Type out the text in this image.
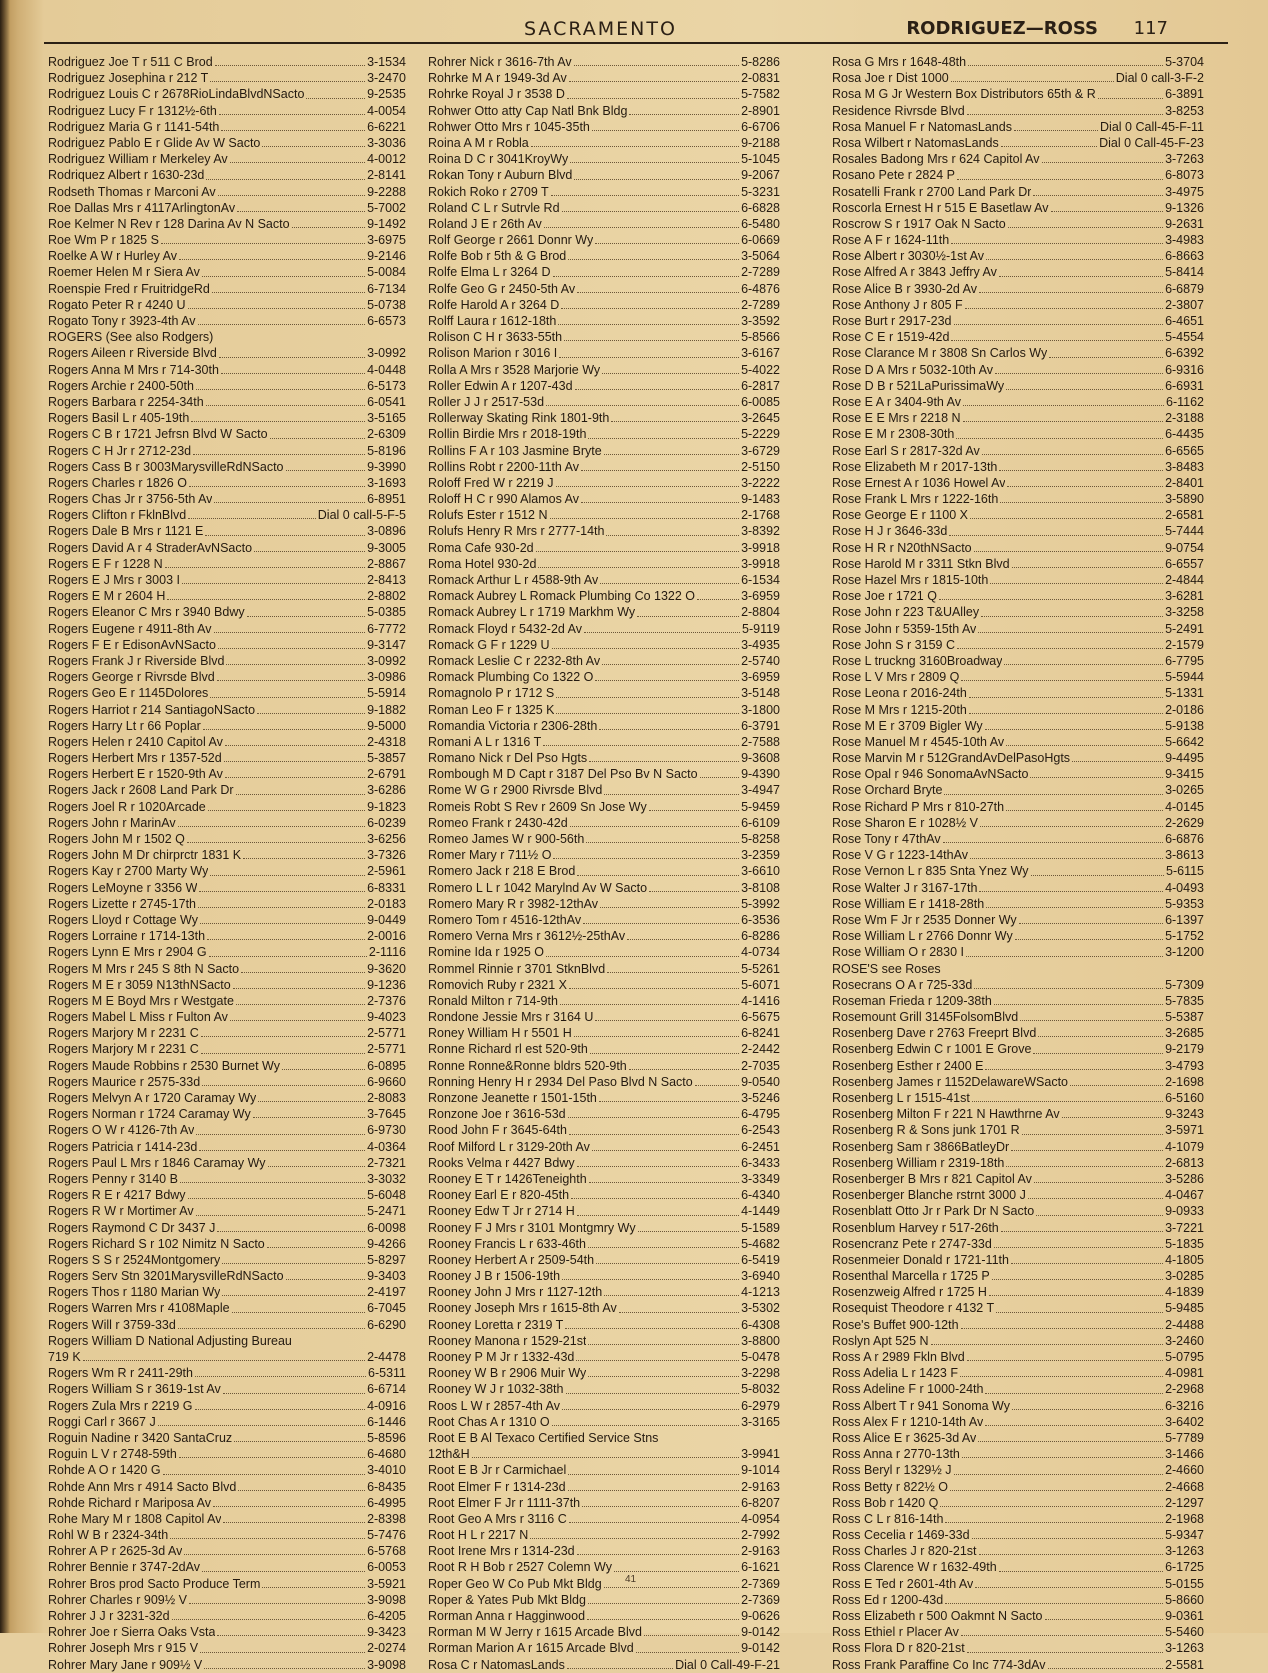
SACRAMENTO	RODRIGUEZ—ROSS 117
Rodriguez Joe T r 511 C Brod	3-1534
Rodriguez Josephina r 212 T	3-2470
Rodriguez Louis C r 2678RioLindaBlvdNSacto	9-2535
Rodriguez Lucy F r 1312½-6th	4-0054
Rodriguez Maria G r 1141-54th	6-6221
Rodriguez Pablo E r Glide Av W Sacto	3-3036
Rodriguez William r Merkeley Av	4-0012
Rodriquez Albert r 1630-23d	2-8141
Rodseth Thomas r Marconi Av	9-2288
Roe Dallas Mrs r 4117ArlingtonAv	5-7002
Roe Kelmer N Rev r 128 Darina Av N Sacto	9-1492
Roe Wm P r 1825 S	3-6975
Roelke A W r Hurley Av	9-2146
Roemer Helen M r Siera Av	5-0084
Roenspie Fred r FruitridgeRd	6-7134
Rogato Peter R r 4240 U	5-0738
Rogato Tony r 3923-4th Av	6-6573
ROGERS (See also Rodgers)
Rogers Aileen r Riverside Blvd	3-0992
Rogers Anna M Mrs r 714-30th	4-0448
Rogers Archie r 2400-50th	6-5173
Rogers Barbara r 2254-34th	6-0541
Rogers Basil L r 405-19th	3-5165
Rogers C B r 1721 Jefrsn Blvd W Sacto	2-6309
Rogers C H Jr r 2712-23d	5-8196
Rogers Cass B r 3003MarysvilleRdNSacto	9-3990
Rogers Charles r 1826 O	3-1693
Rogers Chas Jr r 3756-5th Av	6-8951
Rogers Clifton r FklnBlvd	Dial 0 call-5-F-5
Rogers Dale B Mrs r 1121 E	3-0896
Rogers David A r 4 StraderAvNSacto	9-3005
Rogers E F r 1228 N	2-8867
Rogers E J Mrs r 3003 I	2-8413
Rogers E M r 2604 H	2-8802
Rogers Eleanor C Mrs r 3940 Bdwy	5-0385
Rogers Eugene r 4911-8th Av	6-7772
Rogers F E r EdisonAvNSacto	9-3147
Rogers Frank J r Riverside Blvd	3-0992
Rogers George r Rivrsde Blvd	3-0986
Rogers Geo E r 1145Dolores	5-5914
Rogers Harriot r 214 SantiagoNSacto	9-1882
Rogers Harry Lt r 66 Poplar	9-5000
Rogers Helen r 2410 Capitol Av	2-4318
Rogers Herbert Mrs r 1357-52d	5-3857
Rogers Herbert E r 1520-9th Av	2-6791
Rogers Jack r 2608 Land Park Dr	3-6286
Rogers Joel R r 1020Arcade	9-1823
Rogers John r MarinAv	6-0239
Rogers John M r 1502 Q	3-6256
Rogers John M Dr chirprctr 1831 K	3-7326
Rogers Kay r 2700 Marty Wy	2-5961
Rogers LeMoyne r 3356 W	6-8331
Rogers Lizette r 2745-17th	2-0183
Rogers Lloyd r Cottage Wy	9-0449
Rogers Lorraine r 1714-13th	2-0016
Rogers Lynn E Mrs r 2904 G	2-1116
Rogers M Mrs r 245 S 8th N Sacto	9-3620
Rogers M E r 3059 N13thNSacto	9-1236
Rogers M E Boyd Mrs r Westgate	2-7376
Rogers Mabel L Miss r Fulton Av	9-4023
Rogers Marjory M r 2231 C	2-5771
Rogers Marjory M r 2231 C	2-5771
Rogers Maude Robbins r 2530 Burnet Wy	6-0895
Rogers Maurice r 2575-33d	6-9660
Rogers Melvyn A r 1720 Caramay Wy	2-8083
Rogers Norman r 1724 Caramay Wy	3-7645
Rogers O W r 4126-7th Av	6-9730
Rogers Patricia r 1414-23d	4-0364
Rogers Paul L Mrs r 1846 Caramay Wy	2-7321
Rogers Penny r 3140 B	3-3032
Rogers R E r 4217 Bdwy	5-6048
Rogers R W r Mortimer Av	5-2471
Rogers Raymond C Dr 3437 J	6-0098
Rogers Richard S r 102 Nimitz N Sacto	9-4266
Rogers S S r 2524Montgomery	5-8297
Rogers Serv Stn 3201MarysvilleRdNSacto	9-3403
Rogers Thos r 1180 Marian Wy	2-4197
Rogers Warren Mrs r 4108Maple	6-7045
Rogers Will r 3759-33d	6-6290
Rogers William D National Adjusting Bureau
719 K	2-4478
Rogers Wm R r 2411-29th	6-5311
Rogers William S r 3619-1st Av	6-6714
Rogers Zula Mrs r 2219 G	4-0916
Roggi Carl r 3667 J	6-1446
Roguin Nadine r 3420 SantaCruz	5-8596
Roguin L V r 2748-59th	6-4680
Rohde A O r 1420 G	3-4010
Rohde Ann Mrs r 4914 Sacto Blvd	6-8435
Rohde Richard r Mariposa Av	6-4995
Rohe Mary M r 1808 Capitol Av	2-8398
Rohl W B r 2324-34th	5-7476
Rohrer A P r 2625-3d Av	6-5768
Rohrer Bennie r 3747-2dAv	6-0053
Rohrer Bros prod Sacto Produce Term	3-5921
Rohrer Charles r 909½ V	3-9098
Rohrer J J r 3231-32d	6-4205
Rohrer Joe r Sierra Oaks Vsta	9-3423
Rohrer Joseph Mrs r 915 V	2-0274
Rohrer Mary Jane r 909½ V	3-9098
Rohrer Nick r 3616-7th Av	5-8286
Rohrke M A r 1949-3d Av	2-0831
Rohrke Royal J r 3538 D	5-7582
Rohwer Otto atty Cap Natl Bnk Bldg	2-8901
Rohwer Otto Mrs r 1045-35th	6-6706
Roina A M r Robla	9-2188
Roina D C r 3041KroyWy	5-1045
Rokan Tony r Auburn Blvd	9-2067
Rokich Roko r 2709 T	5-3231
Roland C L r Sutrvle Rd	6-6828
Roland J E r 26th Av	6-5480
Rolf George r 2661 Donnr Wy	6-0669
Rolfe Bob r 5th & G Brod	3-5064
Rolfe Elma L r 3264 D	2-7289
Rolfe Geo G r 2450-5th Av	6-4876
Rolfe Harold A r 3264 D	2-7289
Rolff Laura r 1612-18th	3-3592
Rolison C H r 3633-55th	5-8566
Rolison Marion r 3016 I	3-6167
Rolla A Mrs r 3528 Marjorie Wy	5-4022
Roller Edwin A r 1207-43d	6-2817
Roller J J r 2517-53d	6-0085
Rollerway Skating Rink 1801-9th	3-2645
Rollin Birdie Mrs r 2018-19th	5-2229
Rollins F A r 103 Jasmine Bryte	3-6729
Rollins Robt r 2200-11th Av	2-5150
Roloff Fred W r 2219 J	3-2222
Roloff H C r 990 Alamos Av	9-1483
Rolufs Ester r 1512 N	2-1768
Rolufs Henry R Mrs r 2777-14th	3-8392
Roma Cafe 930-2d	3-9918
Roma Hotel 930-2d	3-9918
Romack Arthur L r 4588-9th Av	6-1534
Romack Aubrey L Romack Plumbing Co 1322 O	3-6959
Romack Aubrey L r 1719 Markhm Wy	2-8804
Romack Floyd r 5432-2d Av	5-9119
Romack G F r 1229 U	3-4935
Romack Leslie C r 2232-8th Av	2-5740
Romack Plumbing Co 1322 O	3-6959
Romagnolo P r 1712 S	3-5148
Roman Leo F r 1325 K	3-1800
Romandia Victoria r 2306-28th	6-3791
Romani A L r 1316 T	2-7588
Romano Nick r Del Pso Hgts	9-3608
Rombough M D Capt r 3187 Del Pso Bv N Sacto	9-4390
Rome W G r 2900 Rivrsde Blvd	3-4947
Romeis Robt S Rev r 2609 Sn Jose Wy	5-9459
Romeo Frank r 2430-42d	6-6109
Romeo James W r 900-56th	5-8258
Romer Mary r 711½ O	3-2359
Romero Jack r 218 E Brod	3-6610
Romero L L r 1042 Marylnd Av W Sacto	3-8108
Romero Mary R r 3982-12thAv	5-3992
Romero Tom r 4516-12thAv	6-3536
Romero Verna Mrs r 3612½-25thAv	6-8286
Romine Ida r 1925 O	4-0734
Rommel Rinnie r 3701 StknBlvd	5-5261
Romovich Ruby r 2321 X	5-6071
Ronald Milton r 714-9th	4-1416
Rondone Jessie Mrs r 3164 U	6-5675
Roney William H r 5501 H	6-8241
Ronne Richard rl est 520-9th	2-2442
Ronne Ronne&Ronne bldrs 520-9th	2-7035
Ronning Henry H r 2934 Del Paso Blvd N Sacto	9-0540
Ronzone Jeanette r 1501-15th	3-5246
Ronzone Joe r 3616-53d	6-4795
Rood John F r 3645-64th	6-2543
Roof Milford L r 3129-20th Av	6-2451
Rooks Velma r 4427 Bdwy	6-3433
Rooney E T r 1426Teneighth	3-3349
Rooney Earl E r 820-45th	6-4340
Rooney Edw T Jr r 2714 H	4-1449
Rooney F J Mrs r 3101 Montgmry Wy	5-1589
Rooney Francis L r 633-46th	5-4682
Rooney Herbert A r 2509-54th	6-5419
Rooney J B r 1506-19th	3-6940
Rooney John J Mrs r 1127-12th	4-1213
Rooney Joseph Mrs r 1615-8th Av	3-5302
Rooney Loretta r 2319 T	6-4308
Rooney Manona r 1529-21st	3-8800
Rooney P M Jr r 1332-43d	5-0478
Rooney W B r 2906 Muir Wy	3-2298
Rooney W J r 1032-38th	5-8032
Roos L W r 2857-4th Av	6-2979
Root Chas A r 1310 O	3-3165
Root E B Al Texaco Certified Service Stns
12th&H	3-9941
Root E B Jr r Carmichael	9-1014
Root Elmer F r 1314-23d	2-9163
Root Elmer F Jr r 1111-37th	6-8207
Root Geo A Mrs r 3116 C	4-0954
Root H L r 2217 N	2-7992
Root Irene Mrs r 1314-23d	2-9163
Root R H Bob r 2527 Colemn Wy	6-1621
Roper Geo W Co Pub Mkt Bldg	2-7369
Roper & Yates Pub Mkt Bldg	2-7369
Rorman Anna r Hagginwood	9-0626
Rorman M W Jerry r 1615 Arcade Blvd	9-0142
Rorman Marion A r 1615 Arcade Blvd	9-0142
Rosa C r NatomasLands	Dial 0 Call-49-F-21
Rosa G Mrs r 1648-48th	5-3704
Rosa Joe r Dist 1000	Dial 0 call-3-F-2
Rosa M G Jr Western Box Distributors 65th & R	6-3891
Residence Rivrsde Blvd	3-8253
Rosa Manuel F r NatomasLands	Dial 0 Call-45-F-11
Rosa Wilbert r NatomasLands	Dial 0 Call-45-F-23
Rosales Badong Mrs r 624 Capitol Av	3-7263
Rosano Pete r 2824 P	6-8073
Rosatelli Frank r 2700 Land Park Dr	3-4975
Roscorla Ernest H r 515 E Basetlaw Av	9-1326
Roscrow S r 1917 Oak N Sacto	9-2631
Rose A F r 1624-11th	3-4983
Rose Albert r 3030½-1st Av	6-8663
Rose Alfred A r 3843 Jeffry Av	5-8414
Rose Alice B r 3930-2d Av	6-6879
Rose Anthony J r 805 F	2-3807
Rose Burt r 2917-23d	6-4651
Rose C E r 1519-42d	5-4554
Rose Clarance M r 3808 Sn Carlos Wy	6-6392
Rose D A Mrs r 5032-10th Av	6-9316
Rose D B r 521LaPurissimaWy	6-6931
Rose E A r 3404-9th Av	6-1162
Rose E E Mrs r 2218 N	2-3188
Rose E M r 2308-30th	6-4435
Rose Earl S r 2817-32d Av	6-6565
Rose Elizabeth M r 2017-13th	3-8483
Rose Ernest A r 1036 Howel Av	2-8401
Rose Frank L Mrs r 1222-16th	3-5890
Rose George E r 1100 X	2-6581
Rose H J r 3646-33d	5-7444
Rose H R r N20thNSacto	9-0754
Rose Harold M r 3311 Stkn Blvd	6-6557
Rose Hazel Mrs r 1815-10th	2-4844
Rose Joe r 1721 Q	3-6281
Rose John r 223 T&UAlley	3-3258
Rose John r 5359-15th Av	5-2491
Rose John S r 3159 C	2-1579
Rose L truckng 3160Broadway	6-7795
Rose L V Mrs r 2809 Q	5-5944
Rose Leona r 2016-24th	5-1331
Rose M Mrs r 1215-20th	2-0186
Rose M E r 3709 Bigler Wy	5-9138
Rose Manuel M r 4545-10th Av	5-6642
Rose Marvin M r 512GrandAvDelPasoHgts	9-4495
Rose Opal r 946 SonomaAvNSacto	9-3415
Rose Orchard Bryte	3-0265
Rose Richard P Mrs r 810-27th	4-0145
Rose Sharon E r 1028½ V	2-2629
Rose Tony r 47thAv	6-6876
Rose V G r 1223-14thAv	3-8613
Rose Vernon L r 835 Snta Ynez Wy	5-6115
Rose Walter J r 3167-17th	4-0493
Rose William E r 1418-28th	5-9353
Rose Wm F Jr r 2535 Donner Wy	6-1397
Rose William L r 2766 Donnr Wy	5-1752
Rose William O r 2830 I	3-1200
ROSE'S see Roses
Rosecrans O A r 725-33d	5-7309
Roseman Frieda r 1209-38th	5-7835
Rosemount Grill 3145FolsomBlvd	5-5387
Rosenberg Dave r 2763 Freeprt Blvd	3-2685
Rosenberg Edwin C r 1001 E Grove	9-2179
Rosenberg Esther r 2400 E	3-4793
Rosenberg James r 1152DelawareWSacto	2-1698
Rosenberg L r 1515-41st	6-5160
Rosenberg Milton F r 221 N Hawthrne Av	9-3243
Rosenberg R & Sons junk 1701 R	3-5971
Rosenberg Sam r 3866BatleyDr	4-1079
Rosenberg William r 2319-18th	2-6813
Rosenberger B Mrs r 821 Capitol Av	3-5286
Rosenberger Blanche rstrnt 3000 J	4-0467
Rosenblatt Otto Jr r Park Dr N Sacto	9-0933
Rosenblum Harvey r 517-26th	3-7221
Rosencranz Pete r 2747-33d	5-1835
Rosenmeier Donald r 1721-11th	4-1805
Rosenthal Marcella r 1725 P	3-0285
Rosenzweig Alfred r 1725 H	4-1839
Rosequist Theodore r 4132 T	5-9485
Rose's Buffet 900-12th	2-4488
Roslyn Apt 525 N	3-2460
Ross A r 2989 Fkln Blvd	5-0795
Ross Adelia L r 1423 F	4-0981
Ross Adeline F r 1000-24th	2-2968
Ross Albert T r 941 Sonoma Wy	6-3216
Ross Alex F r 1210-14th Av	3-6402
Ross Alice E r 3625-3d Av	5-7789
Ross Anna r 2770-13th	3-1466
Ross Beryl r 1329½ J	2-4660
Ross Betty r 822½ O	2-4668
Ross Bob r 1420 Q	2-1297
Ross C L r 816-14th	2-1968
Ross Cecelia r 1469-33d	5-9347
Ross Charles J r 820-21st	3-1263
Ross Clarence W r 1632-49th	6-1725
Ross E Ted r 2601-4th Av	5-0155
Ross Ed r 1200-43d	5-8660
Ross Elizabeth r 500 Oakmnt N Sacto	9-0361
Ross Ethiel r Placer Av	5-5460
Ross Flora D r 820-21st	3-1263
Ross Frank Paraffine Co Inc 774-3dAv	2-5581
41
